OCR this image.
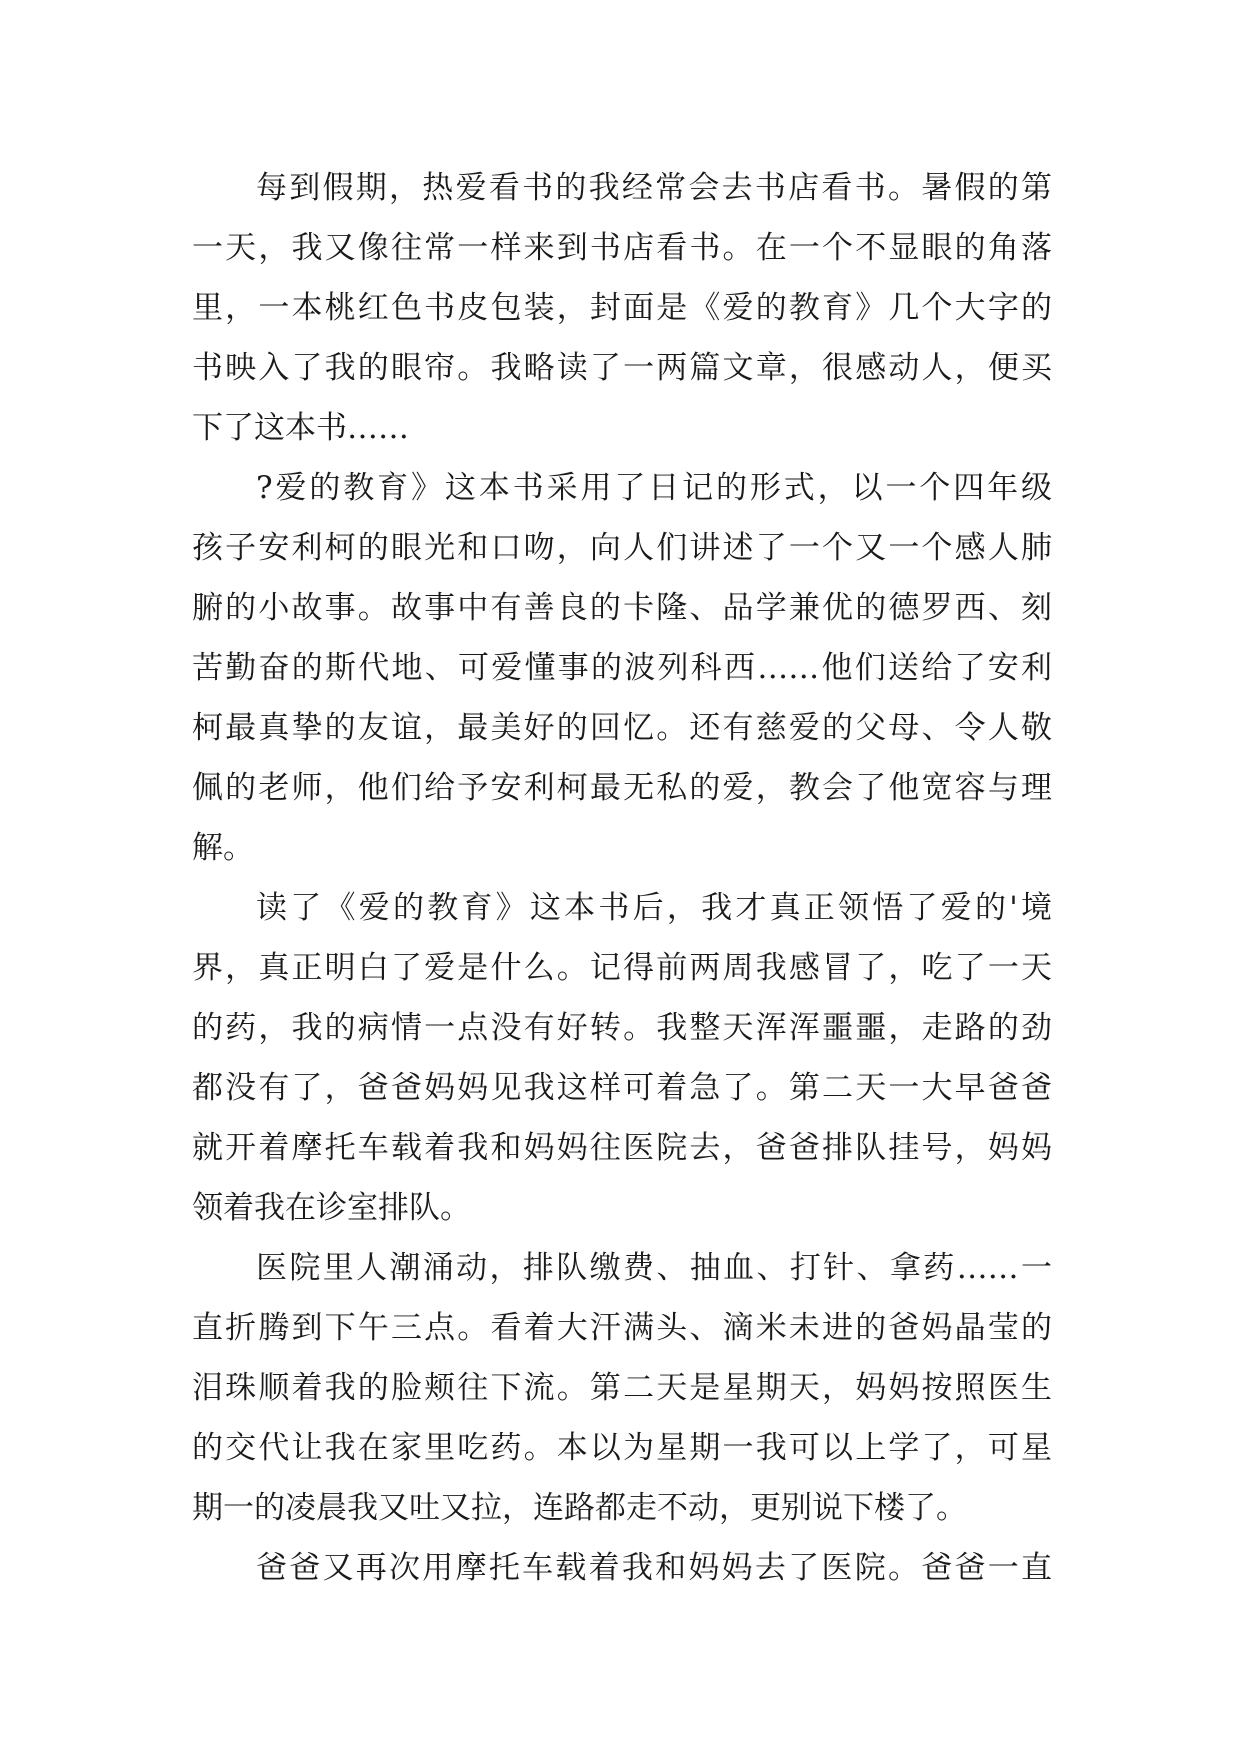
每到假期，热爱看书的我经常会去书店看书。暑假的第
一天，我又像往常一样来到书店看书。在一个不显眼的角落
里，一本桃红色书皮包装，封面是《爱的教育》几个大字的
书映入了我的眼帘。我略读了一两篇文章，很感动人，便买
下了这本书……
?爱的教育》这本书采用了日记的形式，以一个四年级
孩子安利柯的眼光和口吻，向人们讲述了一个又一个感人肺
腑的小故事。故事中有善良的卡隆、品学兼优的德罗西、刻
苦勤奋的斯代地、可爱懂事的波列科西……他们送给了安利
柯最真挚的友谊，最美好的回忆。还有慈爱的父母、令人敬
佩的老师，他们给予安利柯最无私的爱，教会了他宽容与理
解。
读了《爱的教育》这本书后，我才真正领悟了爱的'境
界，真正明白了爱是什么。记得前两周我感冒了，吃了一天
的药，我的病情一点没有好转。我整天浑浑噩噩，走路的劲
都没有了，爸爸妈妈见我这样可着急了。第二天一大早爸爸
就开着摩托车载着我和妈妈往医院去，爸爸排队挂号，妈妈
领着我在诊室排队。
医院里人潮涌动，排队缴费、抽血、打针、拿药……一
直折腾到下午三点。看着大汗满头、滴米未进的爸妈晶莹的
泪珠顺着我的脸颊往下流。第二天是星期天，妈妈按照医生
的交代让我在家里吃药。本以为星期一我可以上学了，可星
期一的凌晨我又吐又拉，连路都走不动，更别说下楼了。
爸爸又再次用摩托车载着我和妈妈去了医院。爸爸一直
